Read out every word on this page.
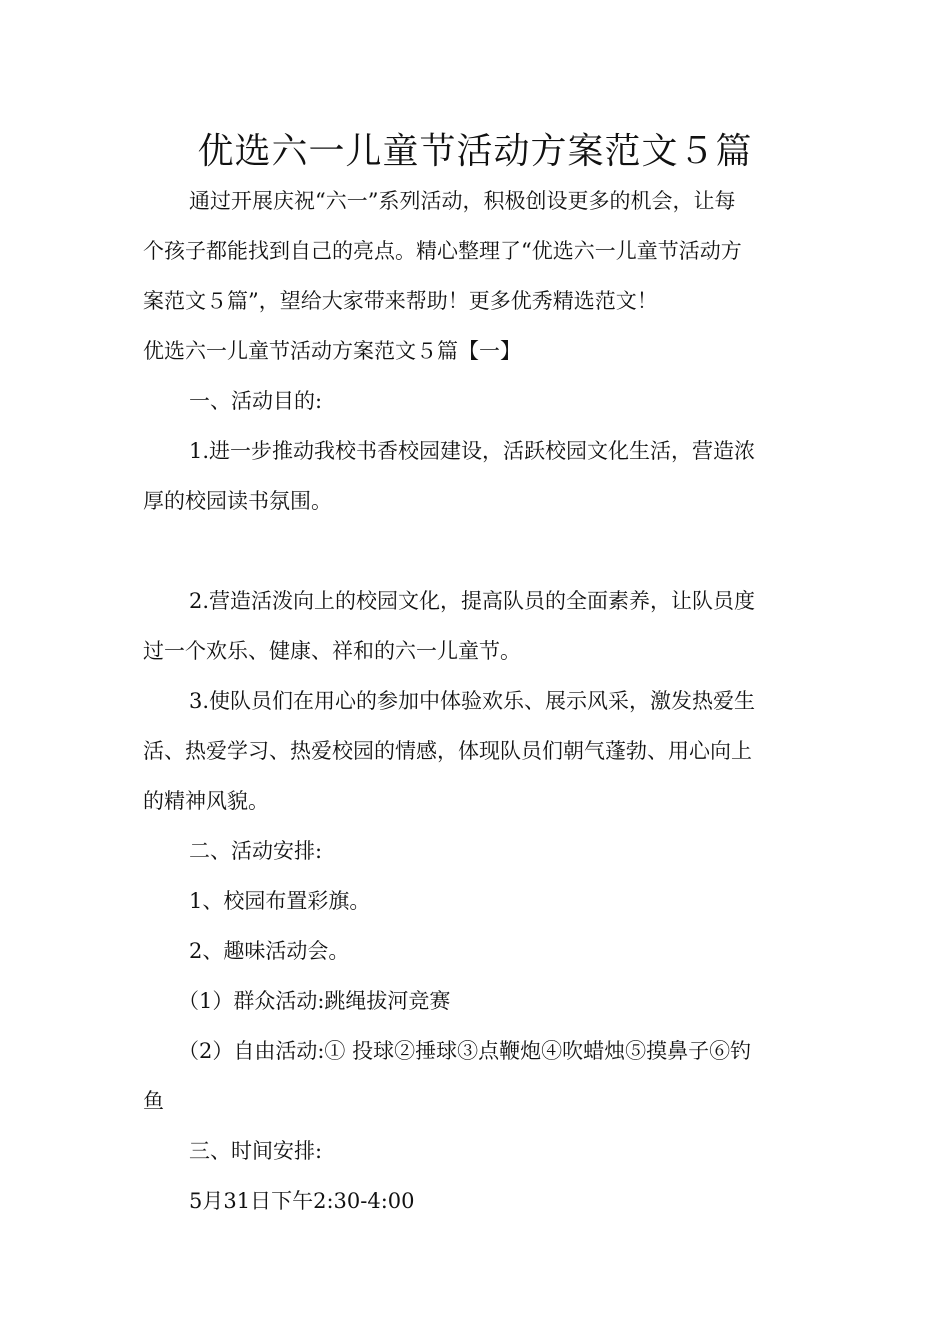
优选六一儿童节活动方案范文５篇
通过开展庆祝“六一”系列活动，积极创设更多的机会，让每
个孩子都能找到自己的亮点。精心整理了“优选六一儿童节活动方
案范文５篇”，望给大家带来帮助！更多优秀精选范文！
优选六一儿童节活动方案范文５篇【一】
一、活动目的:
1.进一步推动我校书香校园建设，活跃校园文化生活，营造浓
厚的校园读书氛围。
2.营造活泼向上的校园文化，提高队员的全面素养，让队员度
过一个欢乐、健康、祥和的六一儿童节。
3.使队员们在用心的参加中体验欢乐、展示风采，激发热爱生
活、热爱学习、热爱校园的情感，体现队员们朝气蓬勃、用心向上
的精神风貌。
二、活动安排:
1、校园布置彩旗。
2、趣味活动会。
（1）群众活动:跳绳拔河竞赛
（2）自由活动:① 投球②捶球③点鞭炮④吹蜡烛⑤摸鼻子⑥钓
鱼
三、时间安排:
5月31日下午2:30-4:00
